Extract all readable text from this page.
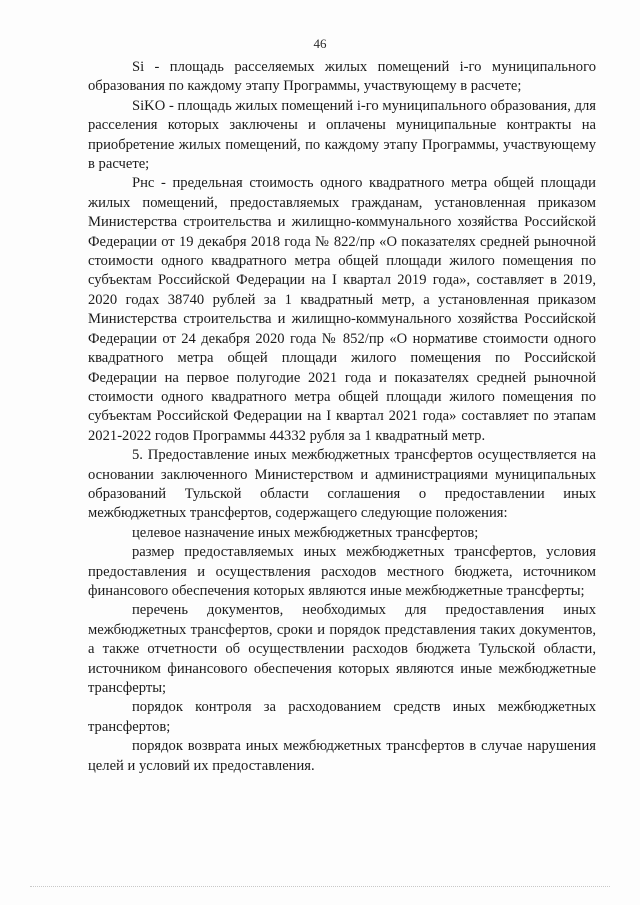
46

Si - площадь расселяемых жилых помещений i-го муниципального образования по каждому этапу Программы, участвующему в расчете;

SiKO - площадь жилых помещений i-го муниципального образования, для расселения которых заключены и оплачены муниципальные контракты на приобретение жилых помещений, по каждому этапу Программы, участвующему в расчете;

Pнс - предельная стоимость одного квадратного метра общей площади жилых помещений, предоставляемых гражданам, установленная приказом Министерства строительства и жилищно-коммунального хозяйства Российской Федерации от 19 декабря 2018 года № 822/пр «О показателях средней рыночной стоимости одного квадратного метра общей площади жилого помещения по субъектам Российской Федерации на I квартал 2019 года», составляет в 2019, 2020 годах 38740 рублей за 1 квадратный метр, а установленная приказом Министерства строительства и жилищно-коммунального хозяйства Российской Федерации от 24 декабря 2020 года № 852/пр «О нормативе стоимости одного квадратного метра общей площади жилого помещения по Российской Федерации на первое полугодие 2021 года и показателях средней рыночной стоимости одного квадратного метра общей площади жилого помещения по субъектам Российской Федерации на I квартал 2021 года» составляет по этапам 2021-2022 годов Программы 44332 рубля за 1 квадратный метр.

5. Предоставление иных межбюджетных трансфертов осуществляется на основании заключенного Министерством и администрациями муниципальных образований Тульской области соглашения о предоставлении иных межбюджетных трансфертов, содержащего следующие положения:

целевое назначение иных межбюджетных трансфертов;

размер предоставляемых иных межбюджетных трансфертов, условия предоставления и осуществления расходов местного бюджета, источником финансового обеспечения которых являются иные межбюджетные трансферты;

перечень документов, необходимых для предоставления иных межбюджетных трансфертов, сроки и порядок представления таких документов, а также отчетности об осуществлении расходов бюджета Тульской области, источником финансового обеспечения которых являются иные межбюджетные трансферты;

порядок контроля за расходованием средств иных межбюджетных трансфертов;

порядок возврата иных межбюджетных трансфертов в случае нарушения целей и условий их предоставления.
